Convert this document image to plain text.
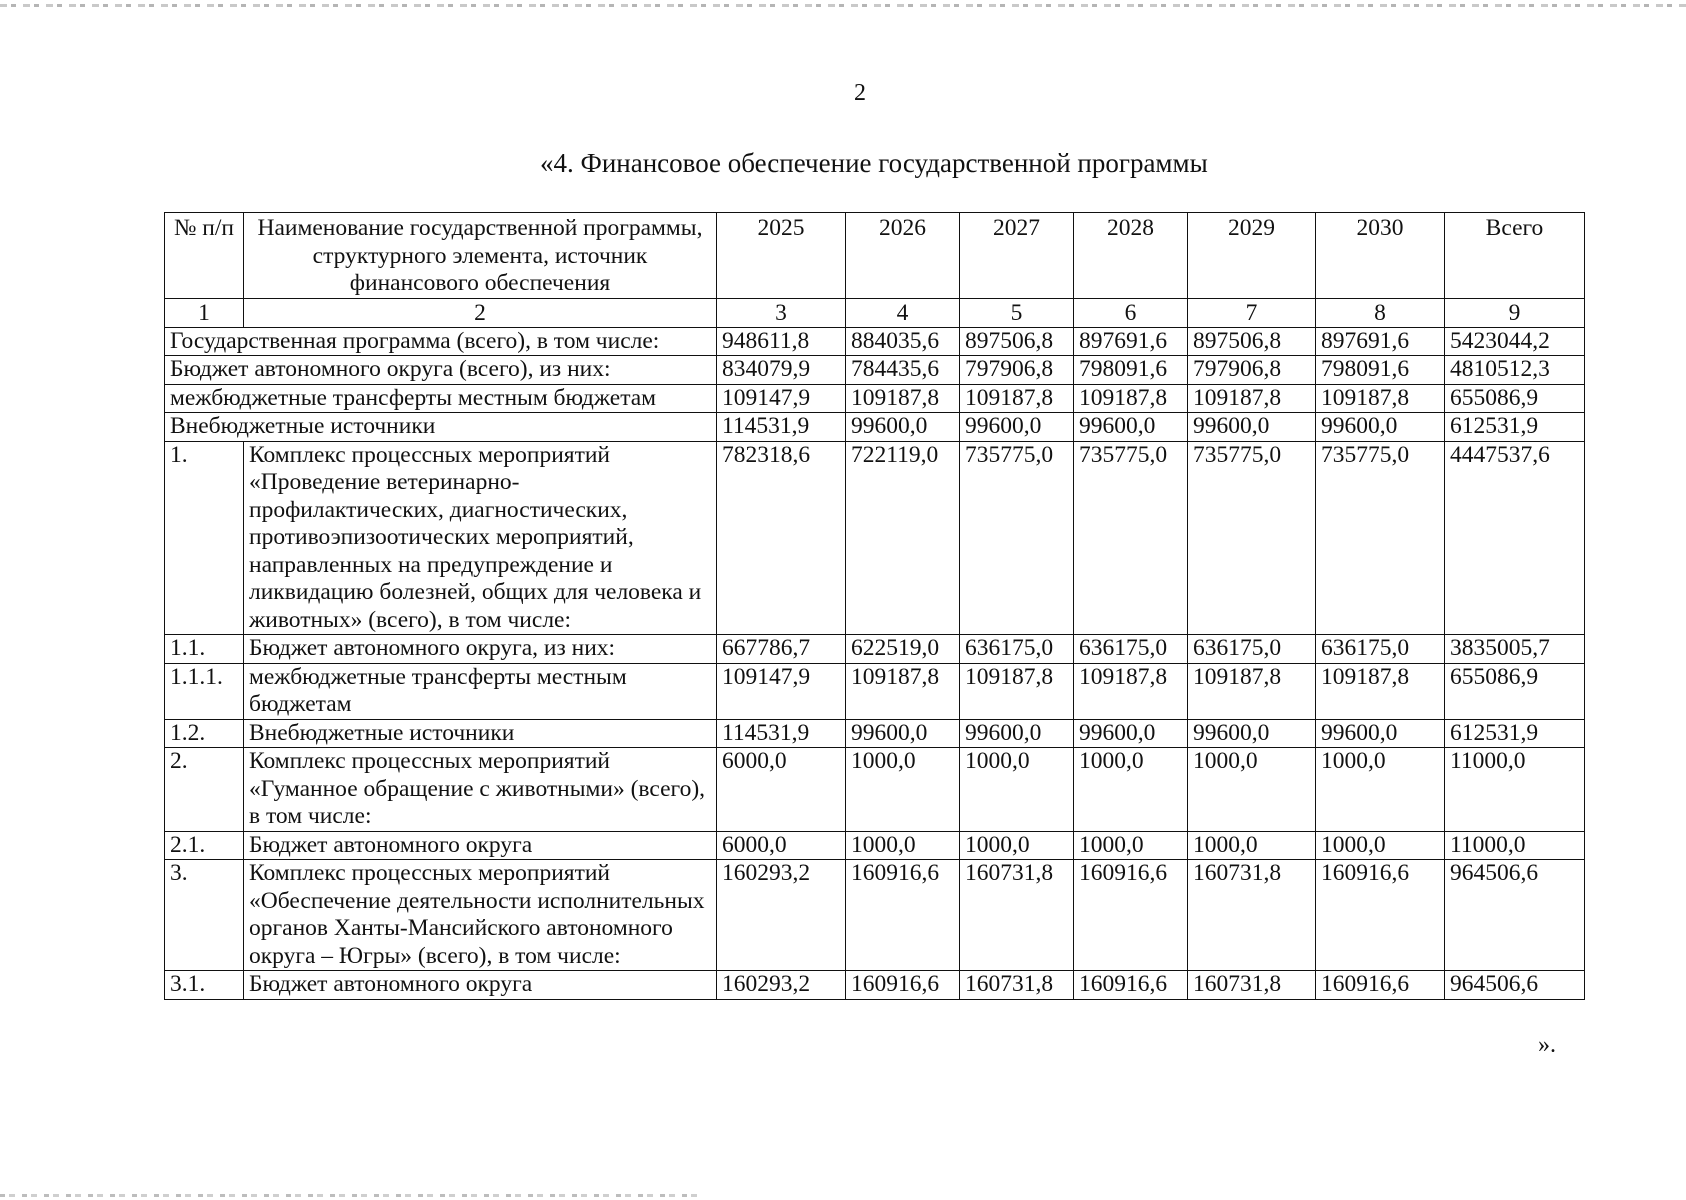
2
«4. Финансовое обеспечение государственной программы
№ п/п	Наименование государственной программы, структурного элемента, источник финансового обеспечения	2025	2026	2027	2028	2029	2030	Всего
1	2	3	4	5	6	7	8	9
Государственная программа (всего), в том числе:		948611,8	884035,6	897506,8	897691,6	897506,8	897691,6	5423044,2
Бюджет автономного округа (всего), из них:		834079,9	784435,6	797906,8	798091,6	797906,8	798091,6	4810512,3
межбюджетные трансферты местным бюджетам		109147,9	109187,8	109187,8	109187,8	109187,8	109187,8	655086,9
Внебюджетные источники		114531,9	99600,0	99600,0	99600,0	99600,0	99600,0	612531,9
1.	Комплекс процессных мероприятий «Проведение ветеринарно-профилактических, диагностических, противоэпизоотических мероприятий, направленных на предупреждение и ликвидацию болезней, общих для человека и животных» (всего), в том числе:	782318,6	722119,0	735775,0	735775,0	735775,0	735775,0	4447537,6
1.1.	Бюджет автономного округа, из них:	667786,7	622519,0	636175,0	636175,0	636175,0	636175,0	3835005,7
1.1.1.	межбюджетные трансферты местным бюджетам	109147,9	109187,8	109187,8	109187,8	109187,8	109187,8	655086,9
1.2.	Внебюджетные источники	114531,9	99600,0	99600,0	99600,0	99600,0	99600,0	612531,9
2.	Комплекс процессных мероприятий «Гуманное обращение с животными» (всего), в том числе:	6000,0	1000,0	1000,0	1000,0	1000,0	1000,0	11000,0
2.1.	Бюджет автономного округа	6000,0	1000,0	1000,0	1000,0	1000,0	1000,0	11000,0
3.	Комплекс процессных мероприятий «Обеспечение деятельности исполнительных органов Ханты-Мансийского автономного округа – Югры» (всего), в том числе:	160293,2	160916,6	160731,8	160916,6	160731,8	160916,6	964506,6
3.1.	Бюджет автономного округа	160293,2	160916,6	160731,8	160916,6	160731,8	160916,6	964506,6
».
